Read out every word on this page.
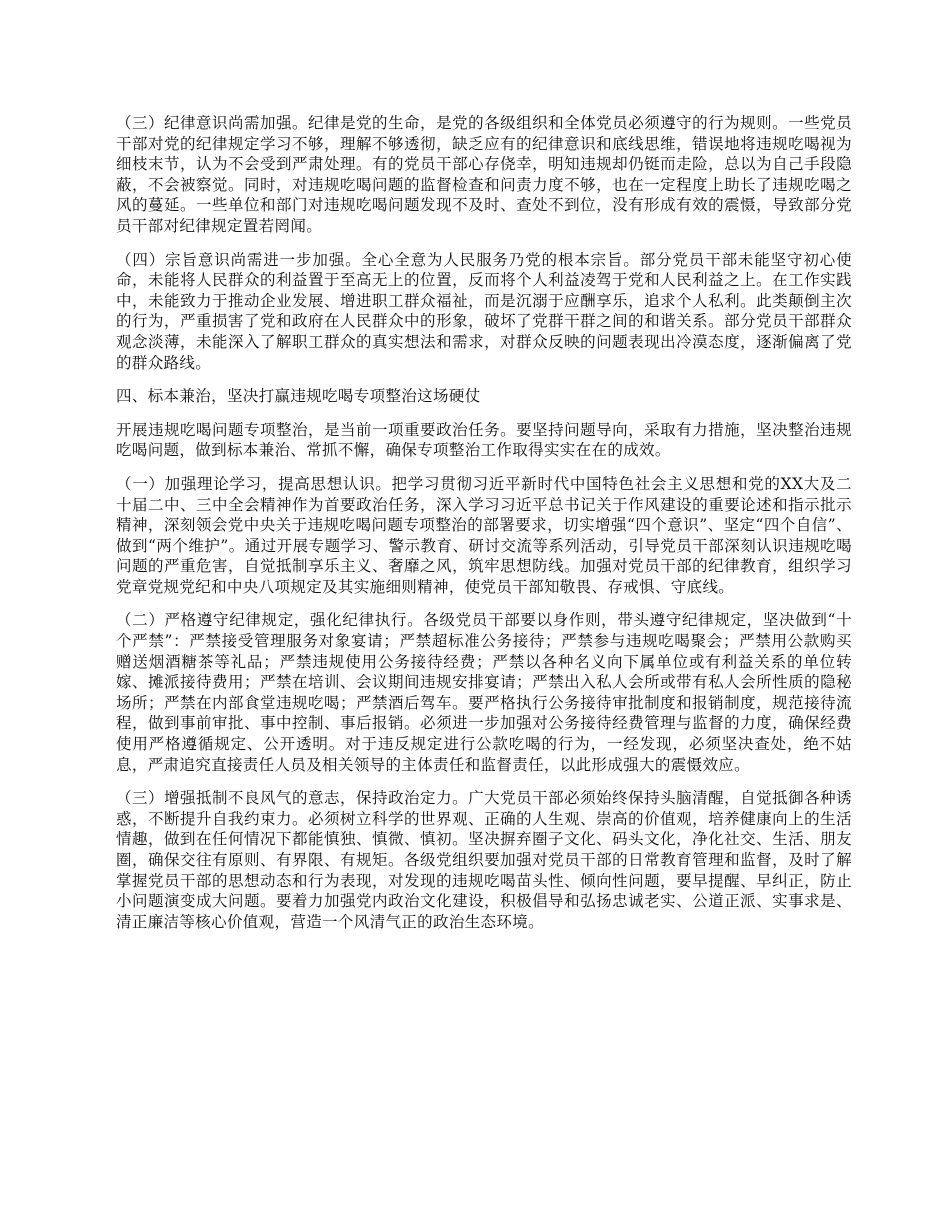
（三）纪律意识尚需加强。纪律是党的生命，是党的各级组织和全体党员必须遵守的行为规则。一些党员干部对党的纪律规定学习不够，理解不够透彻，缺乏应有的纪律意识和底线思维，错误地将违规吃喝视为细枝末节，认为不会受到严肃处理。有的党员干部心存侥幸，明知违规却仍铤而走险，总以为自己手段隐蔽，不会被察觉。同时，对违规吃喝问题的监督检查和问责力度不够，也在一定程度上助长了违规吃喝之风的蔓延。一些单位和部门对违规吃喝问题发现不及时、查处不到位，没有形成有效的震慑，导致部分党员干部对纪律规定置若罔闻。

（四）宗旨意识尚需进一步加强。全心全意为人民服务乃党的根本宗旨。部分党员干部未能坚守初心使命，未能将人民群众的利益置于至高无上的位置，反而将个人利益凌驾于党和人民利益之上。在工作实践中，未能致力于推动企业发展、增进职工群众福祉，而是沉溺于应酬享乐，追求个人私利。此类颠倒主次的行为，严重损害了党和政府在人民群众中的形象，破坏了党群干群之间的和谐关系。部分党员干部群众观念淡薄，未能深入了解职工群众的真实想法和需求，对群众反映的问题表现出冷漠态度，逐渐偏离了党的群众路线。

四、标本兼治，坚决打赢违规吃喝专项整治这场硬仗

开展违规吃喝问题专项整治，是当前一项重要政治任务。要坚持问题导向，采取有力措施，坚决整治违规吃喝问题，做到标本兼治、常抓不懈，确保专项整治工作取得实实在在的成效。

（一）加强理论学习，提高思想认识。把学习贯彻习近平新时代中国特色社会主义思想和党的XX大及二十届二中、三中全会精神作为首要政治任务，深入学习习近平总书记关于作风建设的重要论述和指示批示精神，深刻领会党中央关于违规吃喝问题专项整治的部署要求，切实增强“四个意识”、坚定“四个自信”、做到“两个维护”。通过开展专题学习、警示教育、研讨交流等系列活动，引导党员干部深刻认识违规吃喝问题的严重危害，自觉抵制享乐主义、奢靡之风，筑牢思想防线。加强对党员干部的纪律教育，组织学习党章党规党纪和中央八项规定及其实施细则精神，使党员干部知敬畏、存戒惧、守底线。

（二）严格遵守纪律规定，强化纪律执行。各级党员干部要以身作则，带头遵守纪律规定，坚决做到“十个严禁”：严禁接受管理服务对象宴请；严禁超标准公务接待；严禁参与违规吃喝聚会；严禁用公款购买赠送烟酒糖茶等礼品；严禁违规使用公务接待经费；严禁以各种名义向下属单位或有利益关系的单位转嫁、摊派接待费用；严禁在培训、会议期间违规安排宴请；严禁出入私人会所或带有私人会所性质的隐秘场所；严禁在内部食堂违规吃喝；严禁酒后驾车。要严格执行公务接待审批制度和报销制度，规范接待流程，做到事前审批、事中控制、事后报销。必须进一步加强对公务接待经费管理与监督的力度，确保经费使用严格遵循规定、公开透明。对于违反规定进行公款吃喝的行为，一经发现，必须坚决查处，绝不姑息，严肃追究直接责任人员及相关领导的主体责任和监督责任，以此形成强大的震慑效应。

（三）增强抵制不良风气的意志，保持政治定力。广大党员干部必须始终保持头脑清醒，自觉抵御各种诱惑，不断提升自我约束力。必须树立科学的世界观、正确的人生观、崇高的价值观，培养健康向上的生活情趣，做到在任何情况下都能慎独、慎微、慎初。坚决摒弃圈子文化、码头文化，净化社交、生活、朋友圈，确保交往有原则、有界限、有规矩。各级党组织要加强对党员干部的日常教育管理和监督，及时了解掌握党员干部的思想动态和行为表现，对发现的违规吃喝苗头性、倾向性问题，要早提醒、早纠正，防止小问题演变成大问题。要着力加强党内政治文化建设，积极倡导和弘扬忠诚老实、公道正派、实事求是、清正廉洁等核心价值观，营造一个风清气正的政治生态环境。
